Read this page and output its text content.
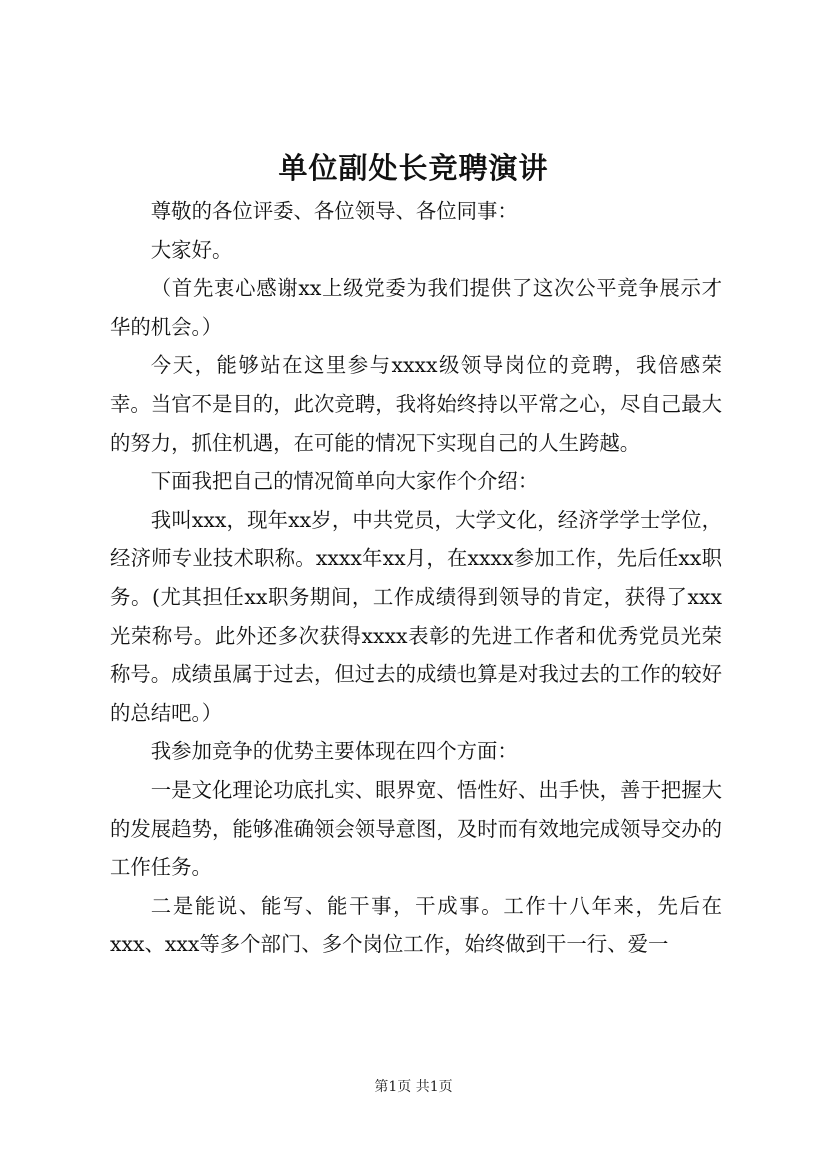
单位副处长竞聘演讲

尊敬的各位评委、各位领导、各位同事：

大家好。

（首先衷心感谢xx上级党委为我们提供了这次公平竞争展示才华的机会。）

今天，能够站在这里参与xxxx级领导岗位的竞聘，我倍感荣幸。当官不是目的，此次竞聘，我将始终持以平常之心，尽自己最大的努力，抓住机遇，在可能的情况下实现自己的人生跨越。

下面我把自己的情况简单向大家作个介绍：

我叫xxx，现年xx岁，中共党员，大学文化，经济学学士学位，经济师专业技术职称。xxxx年xx月，在xxxx参加工作，先后任xx职务。(尤其担任xx职务期间，工作成绩得到领导的肯定，获得了xxx光荣称号。此外还多次获得xxxx表彰的先进工作者和优秀党员光荣称号。成绩虽属于过去，但过去的成绩也算是对我过去的工作的较好的总结吧。）

我参加竞争的优势主要体现在四个方面：

一是文化理论功底扎实、眼界宽、悟性好、出手快，善于把握大的发展趋势，能够准确领会领导意图，及时而有效地完成领导交办的工作任务。

二是能说、能写、能干事，干成事。工作十八年来，先后在xxx、xxx等多个部门、多个岗位工作，始终做到干一行、爱一

第1页 共1页
